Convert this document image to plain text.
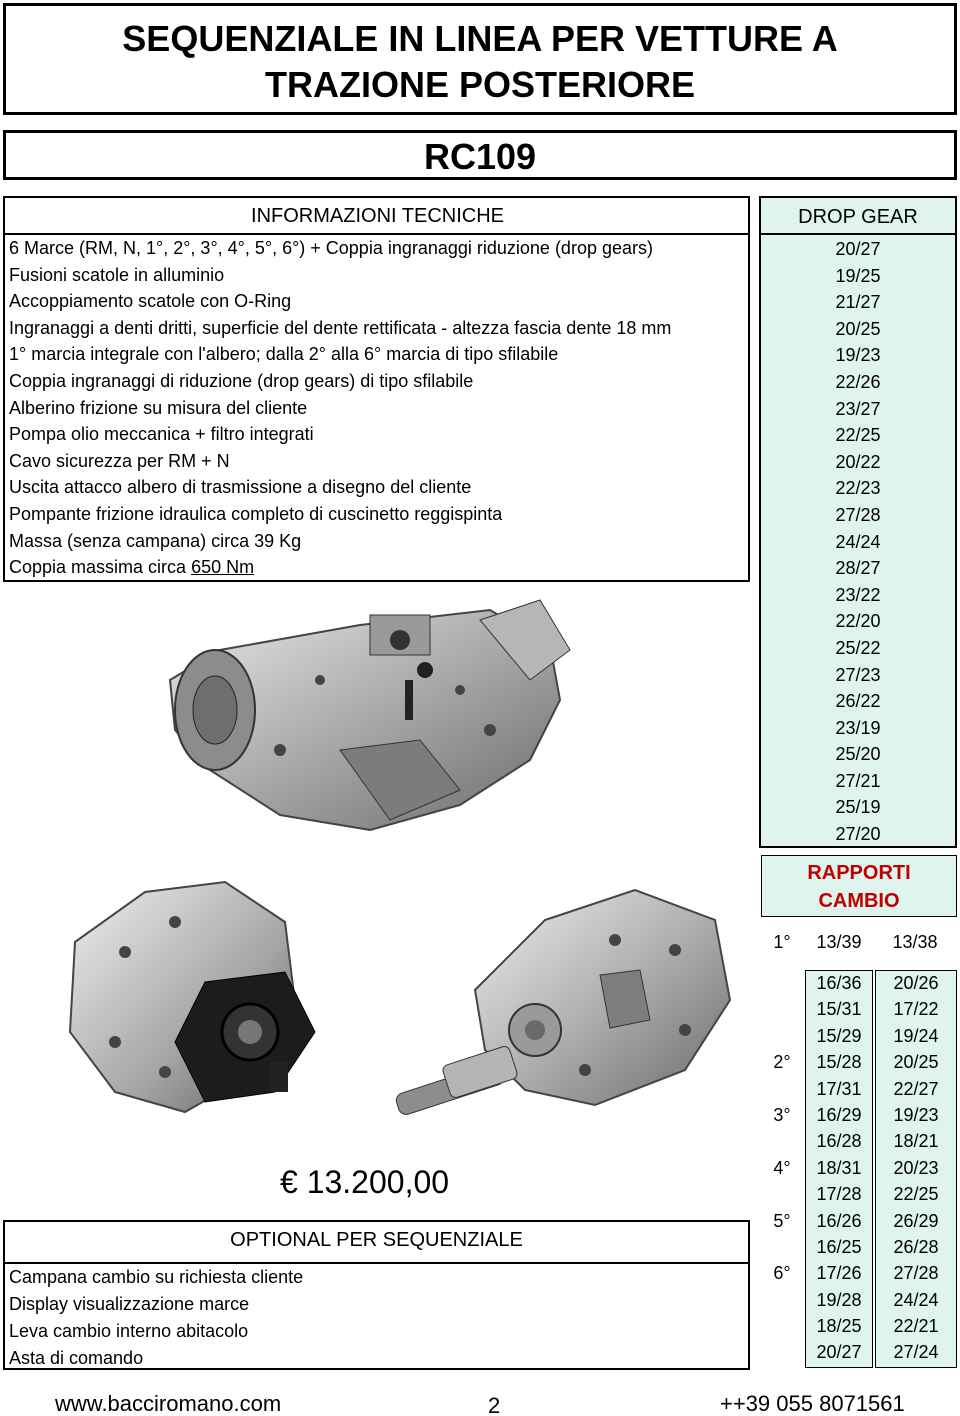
SEQUENZIALE IN LINEA PER VETTURE A
TRAZIONE POSTERIORE
RC109
INFORMAZIONI TECNICHE
6 Marce (RM, N, 1°, 2°, 3°, 4°, 5°, 6°) + Coppia ingranaggi riduzione (drop gears)
Fusioni scatole in alluminio
Accoppiamento scatole con O-Ring
Ingranaggi a denti dritti, superficie del dente rettificata - altezza fascia dente 18 mm
1° marcia integrale con l'albero; dalla 2° alla 6° marcia di tipo sfilabile
Coppia ingranaggi di riduzione (drop gears) di tipo sfilabile
Alberino frizione su misura del cliente
Pompa olio meccanica + filtro integrati
Cavo sicurezza per RM + N
Uscita attacco albero di trasmissione a disegno del cliente
Pompante frizione idraulica completo di cuscinetto reggispinta
Massa (senza campana) circa 39 Kg
Coppia massima circa 650 Nm
DROP GEAR
20/27
19/25
21/27
20/25
19/23
22/26
23/27
22/25
20/22
22/23
27/28
24/24
28/27
23/22
22/20
25/22
27/23
26/22
23/19
25/20
27/21
25/19
27/20
RAPPORTI
CAMBIO
1°	13/39	13/38
16/36	20/26
15/31	17/22
15/29	19/24
2°	15/28	20/25
17/31	22/27
3°	16/29	19/23
16/28	18/21
4°	18/31	20/23
17/28	22/25
5°	16/26	26/29
16/25	26/28
6°	17/26	27/28
19/28	24/24
18/25	22/21
20/27	27/24
€ 13.200,00
OPTIONAL PER SEQUENZIALE
Campana cambio su richiesta cliente
Display visualizzazione marce
Leva cambio interno abitacolo
Asta di comando
www.bacciromano.com	2	++39 055 8071561
